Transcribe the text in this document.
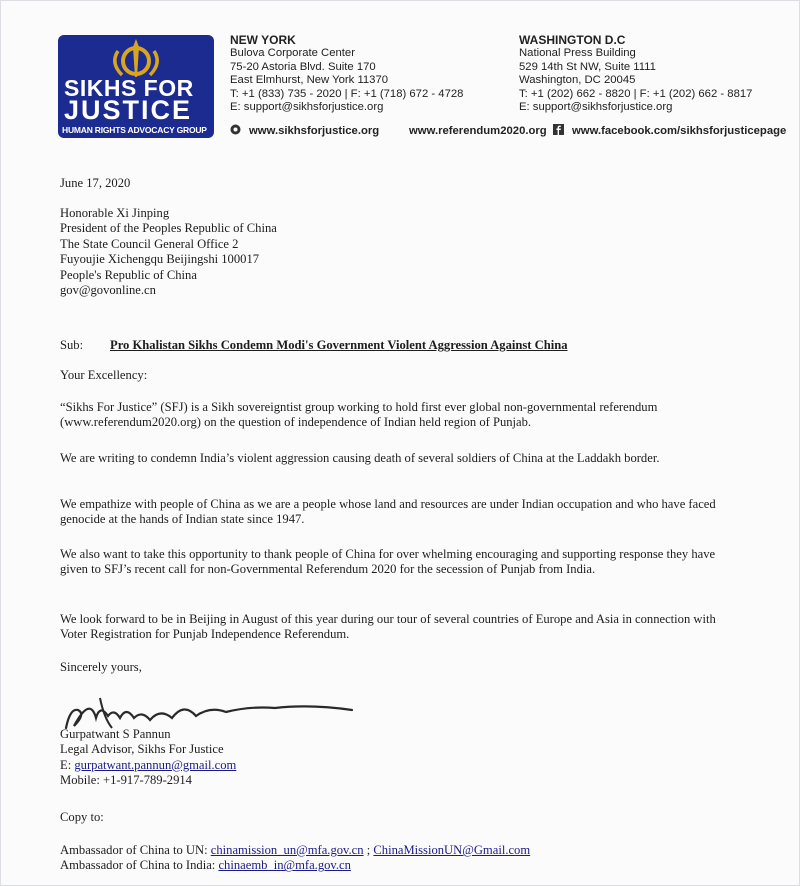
SIKHS FOR
JUSTICE
HUMAN RIGHTS ADVOCACY GROUP
NEW YORK
Bulova Corporate Center
75-20 Astoria Blvd. Suite 170
East Elmhurst, New York 11370
T: +1 (833) 735 - 2020 | F: +1 (718) 672 - 4728
E: support@sikhsforjustice.org
WASHINGTON D.C
National Press Building
529 14th St NW, Suite 1111
Washington, DC 20045
T: +1 (202) 662 - 8820 | F: +1 (202) 662 - 8817
E: support@sikhsforjustice.org
www.sikhsforjustice.org	www.referendum2020.org www.facebook.com/sikhsforjusticepage
June 17, 2020
Honorable Xi Jinping
President of the Peoples Republic of China
The State Council General Office 2
Fuyoujie Xichengqu Beijingshi 100017
People's Republic of China
gov@govonline.cn
Sub: Pro Khalistan Sikhs Condemn Modi's Government Violent Aggression Against China
Your Excellency:

“Sikhs For Justice” (SFJ) is a Sikh sovereigntist group working to hold first ever global non-governmental referendum (www.referendum2020.org) on the question of independence of Indian held region of Punjab.

We are writing to condemn India’s violent aggression causing death of several soldiers of China at the Laddakh border.

We empathize with people of China as we are a people whose land and resources are under Indian occupation and who have faced genocide at the hands of Indian state since 1947.

We also want to take this opportunity to thank people of China for over whelming encouraging and supporting response they have given to SFJ’s recent call for non-Governmental Referendum 2020 for the secession of Punjab from India.

We look forward to be in Beijing in August of this year during our tour of several countries of Europe and Asia in connection with Voter Registration for Punjab Independence Referendum.

Sincerely yours,
Gurpatwant S Pannun
Legal Advisor, Sikhs For Justice
E: gurpatwant.pannun@gmail.com
Mobile: +1-917-789-2914
Copy to:
Ambassador of China to UN: chinamission_un@mfa.gov.cn ; ChinaMissionUN@Gmail.com
Ambassador of China to India: chinaemb_in@mfa.gov.cn
